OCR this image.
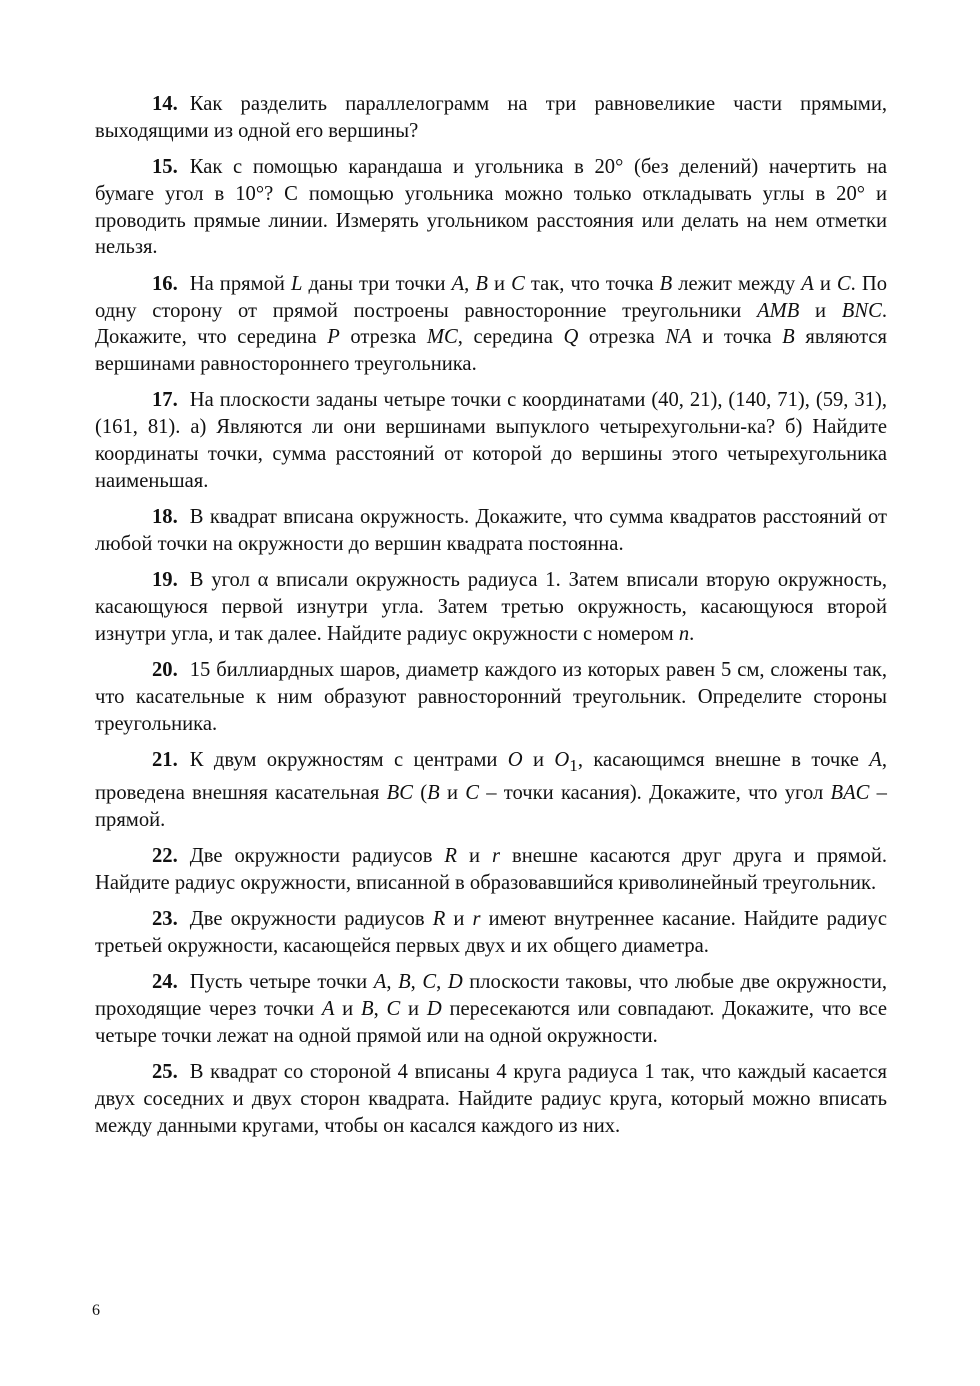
14. Как разделить параллелограмм на три равновеликие части прямыми, выходящими из одной его вершины?

15. Как с помощью карандаша и угольника в 20° (без делений) начертить на бумаге угол в 10°? С помощью угольника можно только откладывать углы в 20° и проводить прямые линии. Измерять угольником расстояния или делать на нем отметки нельзя.

16. На прямой L даны три точки A, B и C так, что точка B лежит между A и C. По одну сторону от прямой построены равносторонние треугольники AMB и BNC. Докажите, что середина P отрезка MC, середина Q отрезка NA и точка B являются вершинами равностороннего треугольника.

17. На плоскости заданы четыре точки с координатами (40, 21), (140, 71), (59, 31), (161, 81). а) Являются ли они вершинами выпуклого четырехугольни-ка? б) Найдите координаты точки, сумма расстояний от которой до вершины этого четырехугольника наименьшая.

18. В квадрат вписана окружность. Докажите, что сумма квадратов расстояний от любой точки на окружности до вершин квадрата постоянна.

19. В угол α вписали окружность радиуса 1. Затем вписали вторую окружность, касающуюся первой изнутри угла. Затем третью окружность, касающуюся второй изнутри угла, и так далее. Найдите радиус окружности с номером n.

20. 15 биллиардных шаров, диаметр каждого из которых равен 5 см, сложены так, что касательные к ним образуют равносторонний треугольник. Определите стороны треугольника.

21. К двум окружностям с центрами O и $O_1$, касающимся внешне в точке A, проведена внешняя касательная BC (B и C – точки касания). Докажите, что угол BAC – прямой.

22. Две окружности радиусов R и r внешне касаются друг друга и прямой. Найдите радиус окружности, вписанной в образовавшийся криволинейный треугольник.

23. Две окружности радиусов R и r имеют внутреннее касание. Найдите радиус третьей окружности, касающейся первых двух и их общего диаметра.

24. Пусть четыре точки A, B, C, D плоскости таковы, что любые две окружности, проходящие через точки A и B, C и D пересекаются или совпадают. Докажите, что все четыре точки лежат на одной прямой или на одной окружности.

25. В квадрат со стороной 4 вписаны 4 круга радиуса 1 так, что каждый касается двух соседних и двух сторон квадрата. Найдите радиус круга, который можно вписать между данными кругами, чтобы он касался каждого из них.

6
